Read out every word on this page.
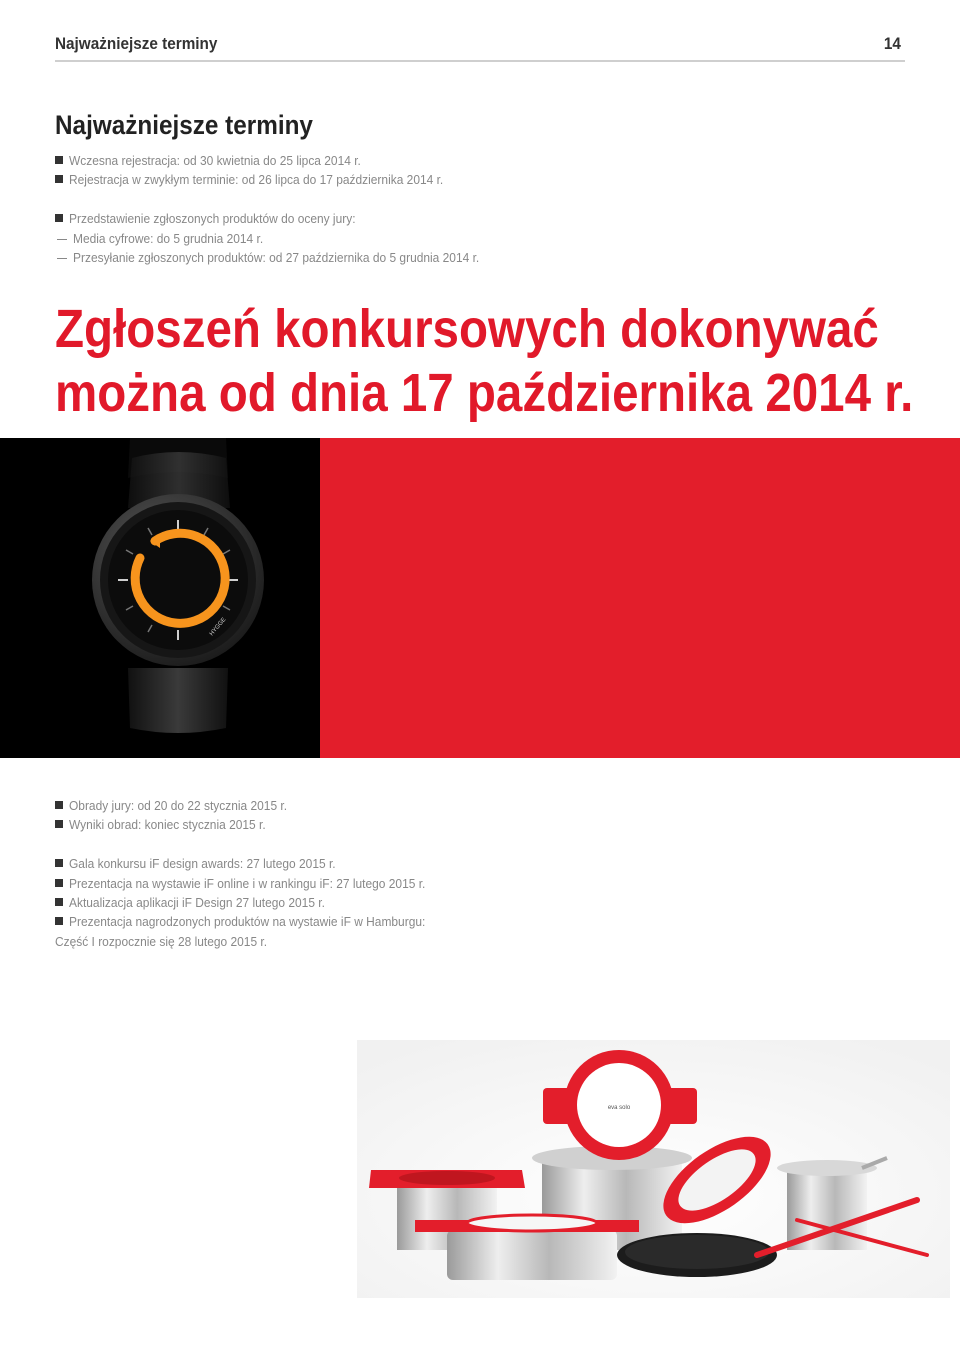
Najważniejsze terminy	14
Najważniejsze terminy
Wczesna rejestracja: od 30 kwietnia do 25 lipca 2014 r.
Rejestracja w zwykłym terminie: od 26 lipca do 17 października 2014 r.
Przedstawienie zgłoszonych produktów do oceny jury:
Media cyfrowe: do 5 grudnia 2014 r.
Przesyłanie zgłoszonych produktów: od 27 października do 5 grudnia 2014 r.
Zgłoszeń konkursowych dokonywać
można od dnia 17 października 2014 r.
HYGGE
Obrady jury: od 20 do 22 stycznia 2015 r.
Wyniki obrad: koniec stycznia 2015 r.
Gala konkursu iF design awards: 27 lutego 2015 r.
Prezentacja na wystawie iF online i w rankingu iF: 27 lutego 2015 r.
Aktualizacja aplikacji iF Design 27 lutego 2015 r.
Prezentacja nagrodzonych produktów na wystawie iF w Hamburgu:
Część I rozpocznie się 28 lutego 2015 r.
eva solo
